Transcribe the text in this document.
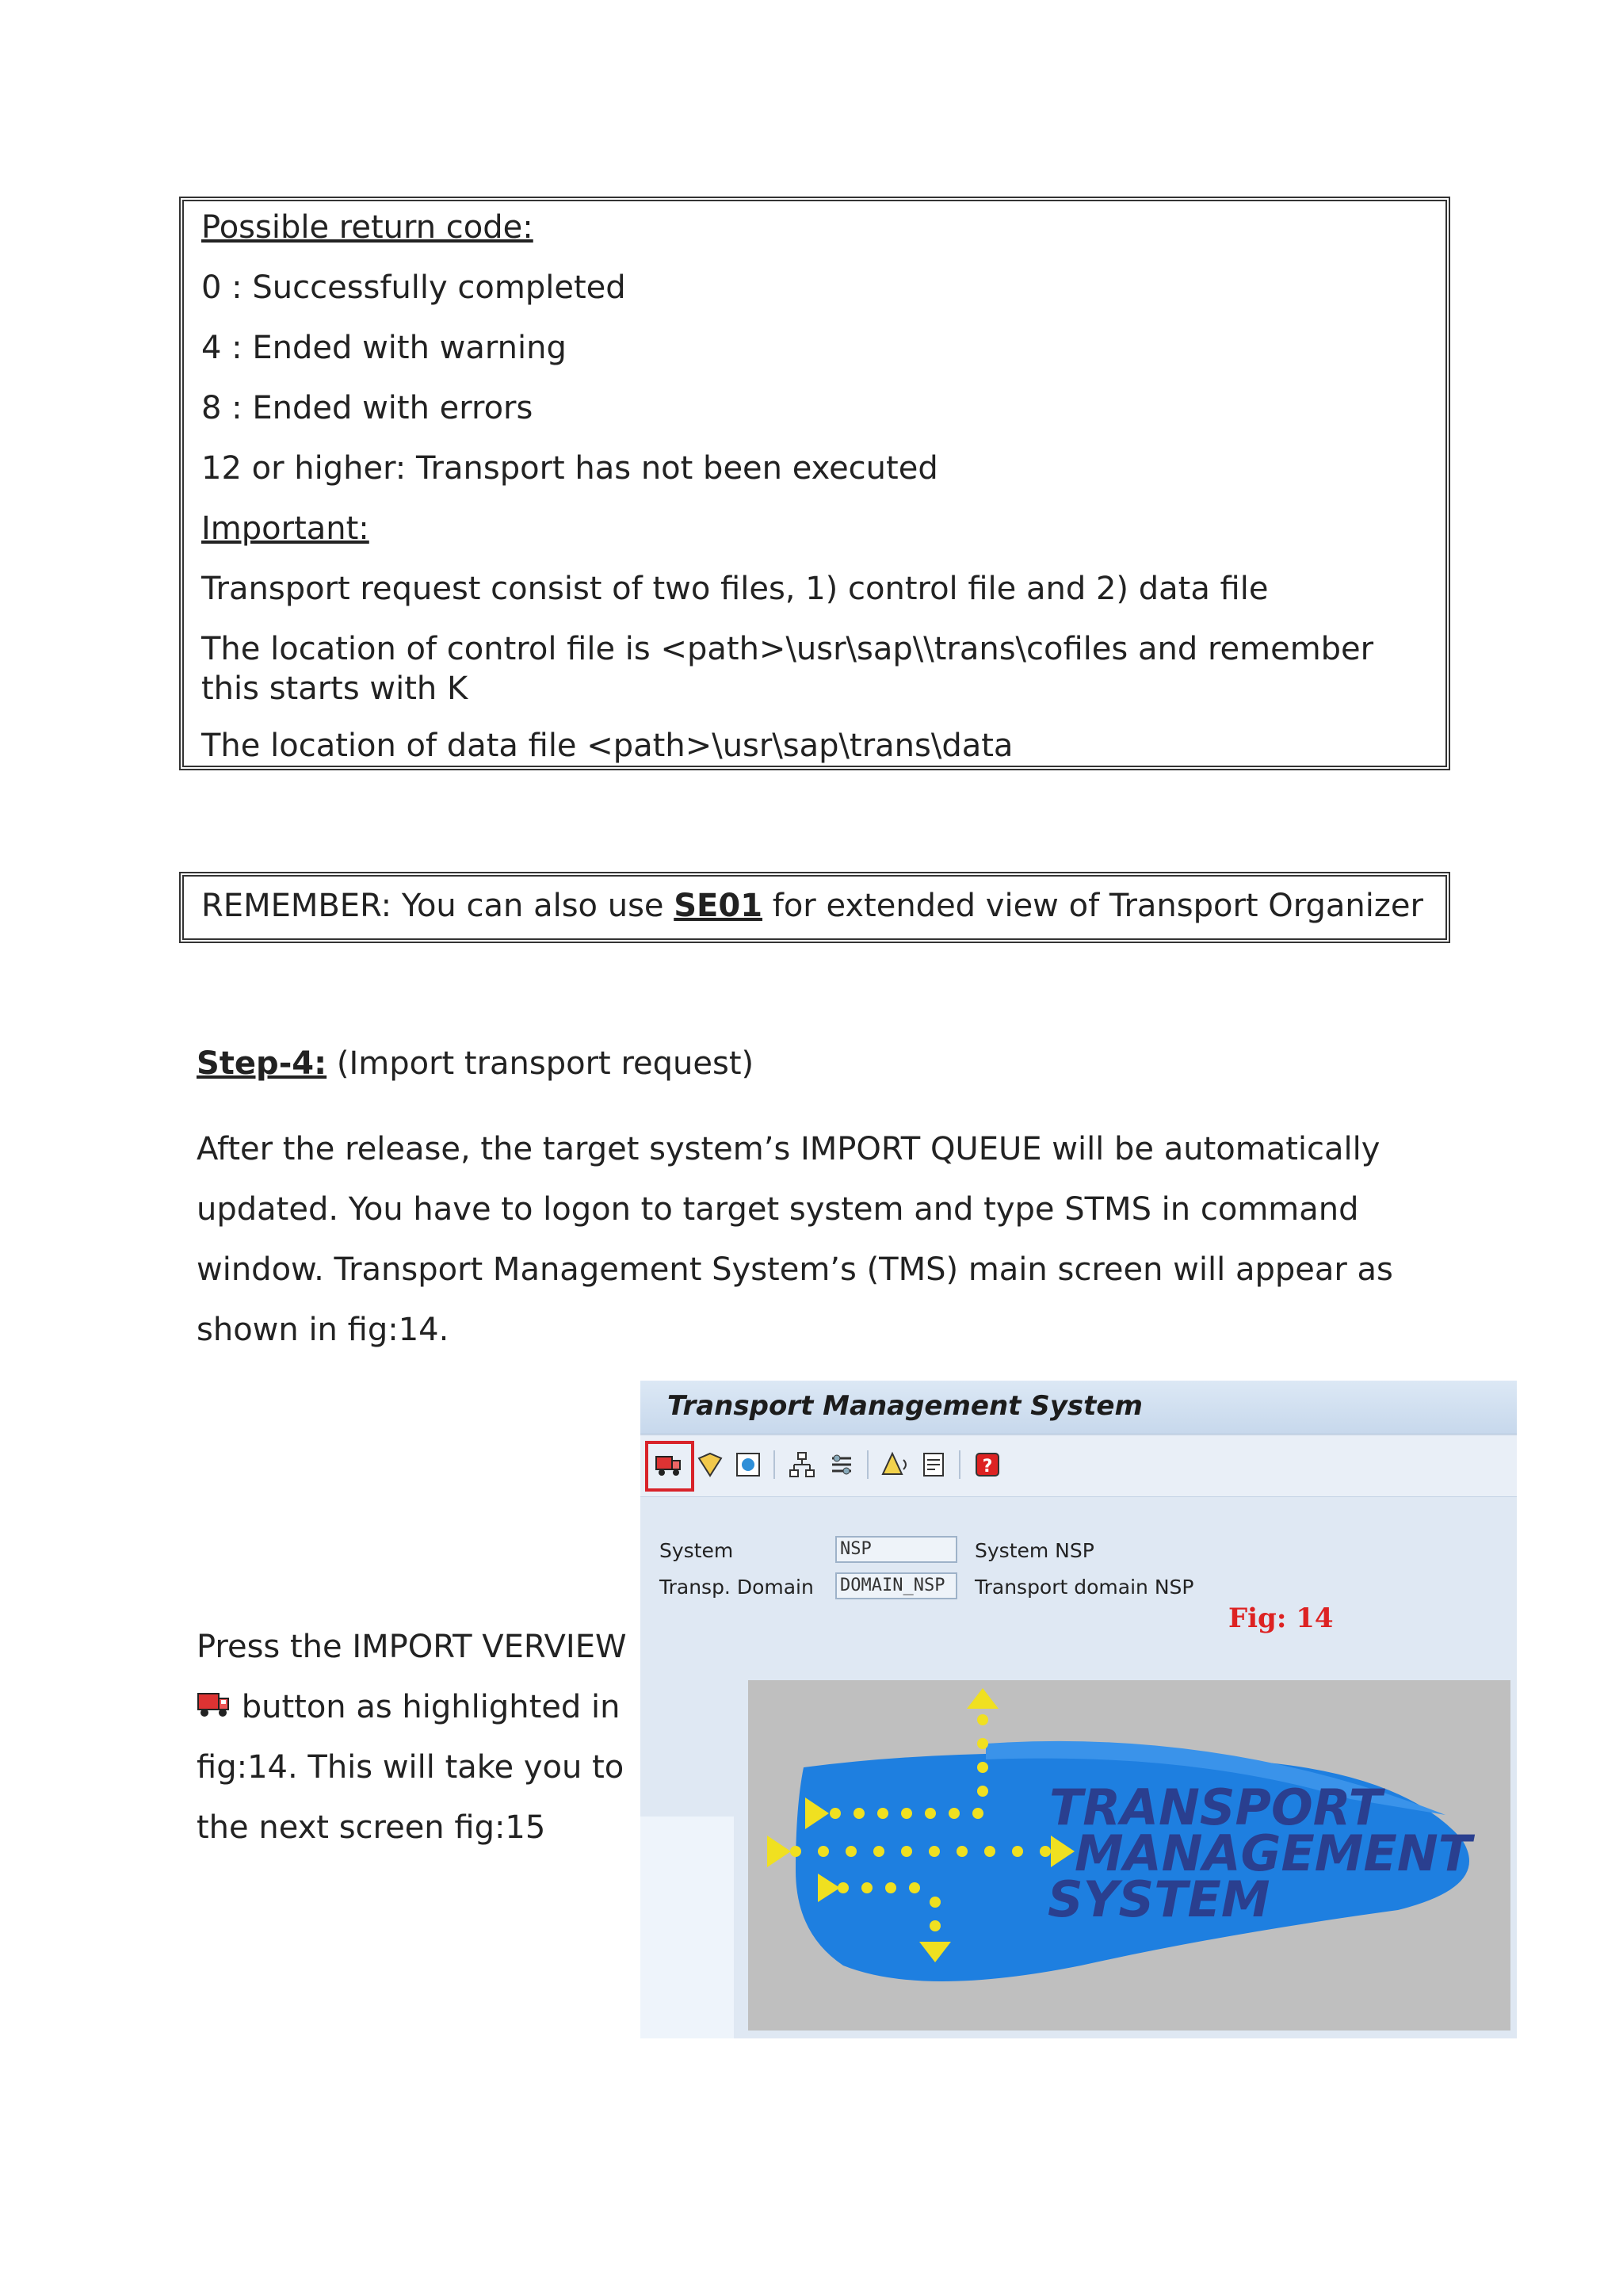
Possible return code:

0 : Successfully completed

4 : Ended with warning

8 : Ended with errors

12 or higher: Transport has not been executed

Important:

Transport request consist of two files, 1) control file and 2) data file

The location of control file is <path>\usr\sap\\trans\cofiles and remember this starts with K

The location of data file <path>\usr\sap\trans\data

REMEMBER: You can also use SE01 for extended view of Transport Organizer

Step-4: (Import transport request)
After the release, the target system’s IMPORT QUEUE will be automatically updated. You have to logon to target system and type STMS in command window. Transport Management System’s (TMS) main screen will appear as shown in fig:14.
Press the IMPORT VERVIEW  button as highlighted in fig:14. This will take you to the next screen fig:15
Transport Management System
?
System	NSP	System NSP
Transp. Domain DOMAIN_NSP	Transport domain NSP
Fig: 14
TRANSPORT
MANAGEMENT
SYSTEM
